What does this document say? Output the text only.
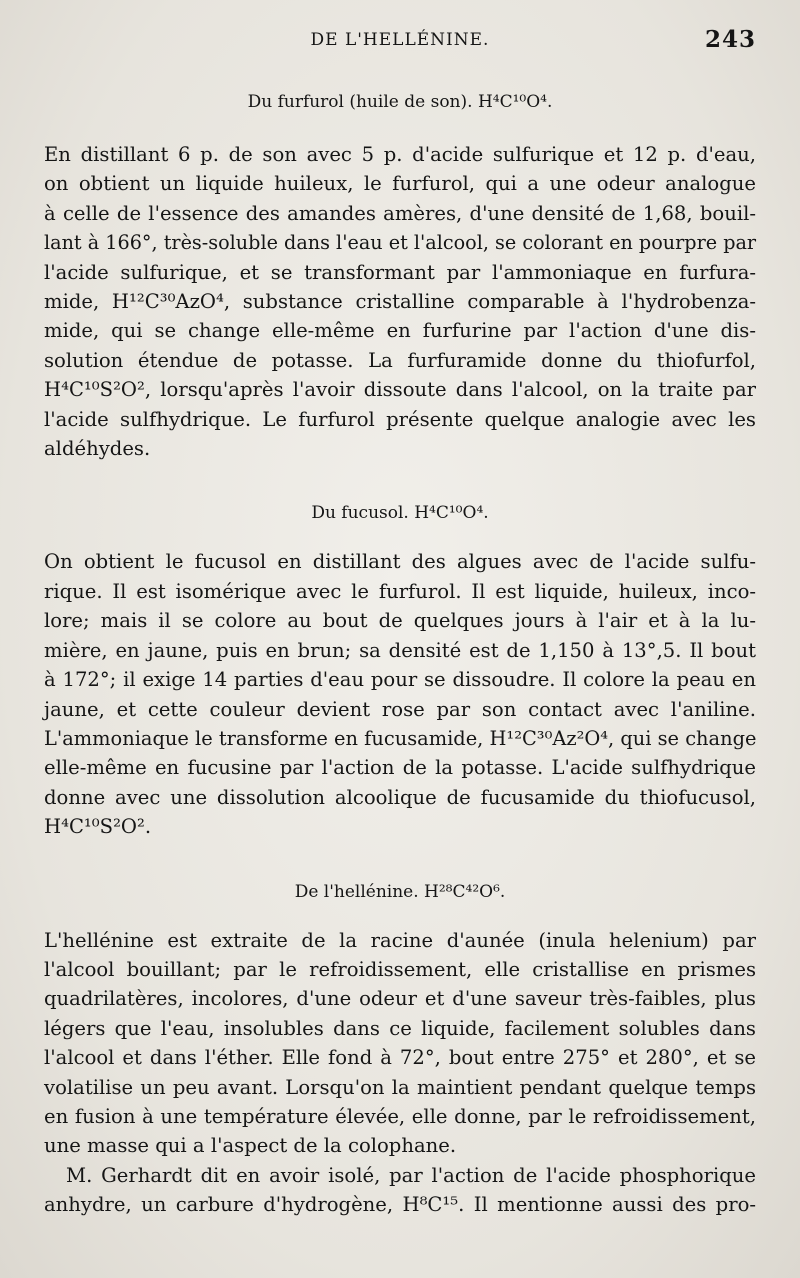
DE L'HELLÉNINE.	243
Du furfurol (huile de son). H⁴C¹⁰O⁴.
En distillant 6 p. de son avec 5 p. d'acide sulfurique et 12 p. d'eau,
on obtient un liquide huileux, le furfurol, qui a une odeur analogue
à celle de l'essence des amandes amères, d'une densité de 1,68, bouil-
lant à 166°, très-soluble dans l'eau et l'alcool, se colorant en pourpre par
l'acide sulfurique, et se transformant par l'ammoniaque en furfura-
mide, H¹²C³⁰AzO⁴, substance cristalline comparable à l'hydrobenza-
mide, qui se change elle-même en furfurine par l'action d'une dis-
solution étendue de potasse. La furfuramide donne du thiofurfol,
H⁴C¹⁰S²O², lorsqu'après l'avoir dissoute dans l'alcool, on la traite par
l'acide sulfhydrique. Le furfurol présente quelque analogie avec les
aldéhydes.
Du fucusol. H⁴C¹⁰O⁴.
On obtient le fucusol en distillant des algues avec de l'acide sulfu-
rique. Il est isomérique avec le furfurol. Il est liquide, huileux, inco-
lore; mais il se colore au bout de quelques jours à l'air et à la lu-
mière, en jaune, puis en brun; sa densité est de 1,150 à 13°,5. Il bout
à 172°; il exige 14 parties d'eau pour se dissoudre. Il colore la peau en
jaune, et cette couleur devient rose par son contact avec l'aniline.
L'ammoniaque le transforme en fucusamide, H¹²C³⁰Az²O⁴, qui se change
elle-même en fucusine par l'action de la potasse. L'acide sulfhydrique
donne avec une dissolution alcoolique de fucusamide du thiofucusol,
H⁴C¹⁰S²O².
De l'hellénine. H²⁸C⁴²O⁶.
L'hellénine est extraite de la racine d'aunée (inula helenium) par
l'alcool bouillant; par le refroidissement, elle cristallise en prismes
quadrilatères, incolores, d'une odeur et d'une saveur très-faibles, plus
légers que l'eau, insolubles dans ce liquide, facilement solubles dans
l'alcool et dans l'éther. Elle fond à 72°, bout entre 275° et 280°, et se
volatilise un peu avant. Lorsqu'on la maintient pendant quelque temps
en fusion à une température élevée, elle donne, par le refroidissement,
une masse qui a l'aspect de la colophane.
M. Gerhardt dit en avoir isolé, par l'action de l'acide phosphorique
anhydre, un carbure d'hydrogène, H⁸C¹⁵. Il mentionne aussi des pro-
